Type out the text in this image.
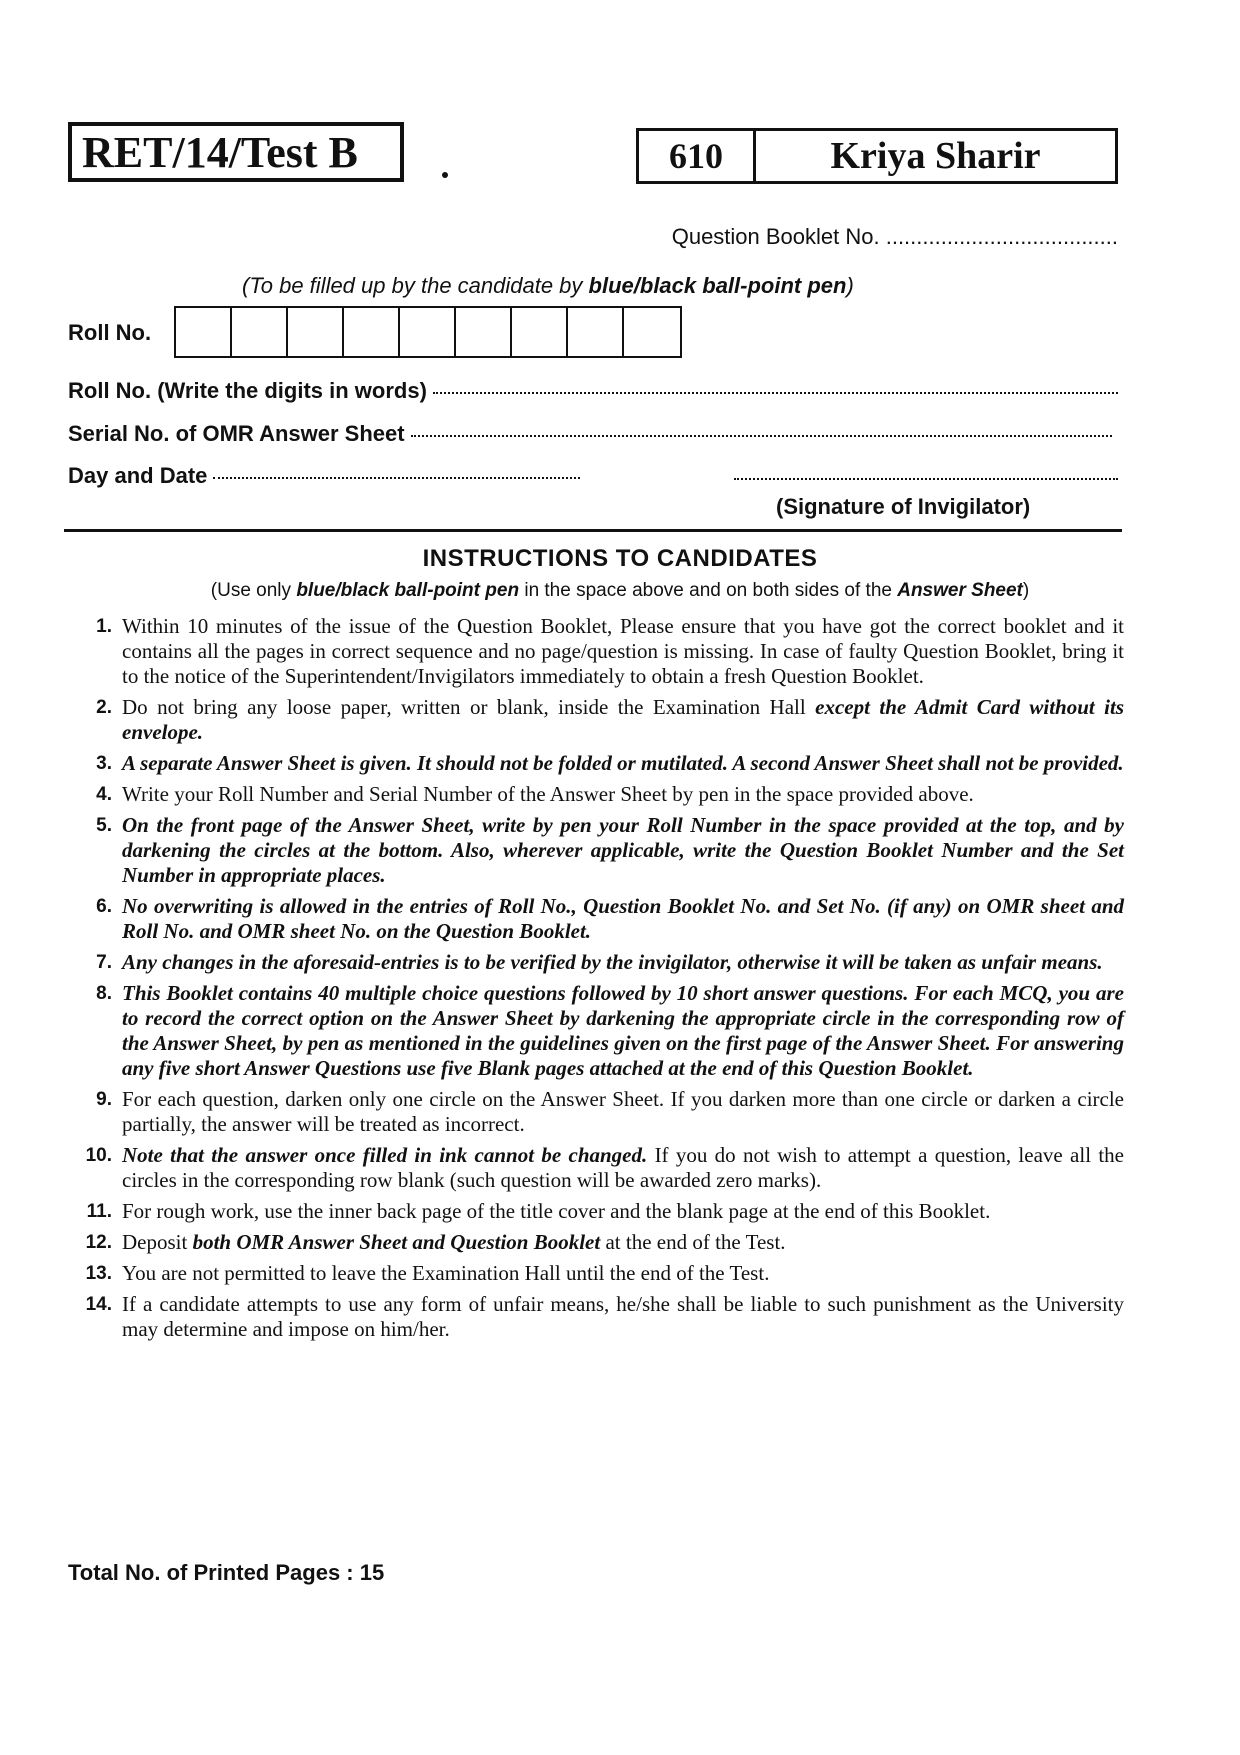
RET/14/Test B	610	Kriya Sharir
Question Booklet No. ......................................
(To be filled up by the candidate by blue/black ball-point pen)
Roll No.
Roll No. (Write the digits in words)
Serial No. of OMR Answer Sheet
Day and Date
(Signature of Invigilator)
INSTRUCTIONS TO CANDIDATES
(Use only blue/black ball-point pen in the space above and on both sides of the Answer Sheet)
1. Within 10 minutes of the issue of the Question Booklet, Please ensure that you have got the correct booklet and it contains all the pages in correct sequence and no page/question is missing. In case of faulty Question Booklet, bring it to the notice of the Superintendent/Invigilators immediately to obtain a fresh Question Booklet.
2. Do not bring any loose paper, written or blank, inside the Examination Hall except the Admit Card without its envelope.
3. A separate Answer Sheet is given. It should not be folded or mutilated. A second Answer Sheet shall not be provided.
4. Write your Roll Number and Serial Number of the Answer Sheet by pen in the space provided above.
5. On the front page of the Answer Sheet, write by pen your Roll Number in the space provided at the top, and by darkening the circles at the bottom. Also, wherever applicable, write the Question Booklet Number and the Set Number in appropriate places.
6. No overwriting is allowed in the entries of Roll No., Question Booklet No. and Set No. (if any) on OMR sheet and Roll No. and OMR sheet No. on the Question Booklet.
7. Any changes in the aforesaid-entries is to be verified by the invigilator, otherwise it will be taken as unfair means.
8. This Booklet contains 40 multiple choice questions followed by 10 short answer questions. For each MCQ, you are to record the correct option on the Answer Sheet by darkening the appropriate circle in the corresponding row of the Answer Sheet, by pen as mentioned in the guidelines given on the first page of the Answer Sheet. For answering any five short Answer Questions use five Blank pages attached at the end of this Question Booklet.
9. For each question, darken only one circle on the Answer Sheet. If you darken more than one circle or darken a circle partially, the answer will be treated as incorrect.
10. Note that the answer once filled in ink cannot be changed. If you do not wish to attempt a question, leave all the circles in the corresponding row blank (such question will be awarded zero marks).
11. For rough work, use the inner back page of the title cover and the blank page at the end of this Booklet.
12. Deposit both OMR Answer Sheet and Question Booklet at the end of the Test.
13. You are not permitted to leave the Examination Hall until the end of the Test.
14. If a candidate attempts to use any form of unfair means, he/she shall be liable to such punishment as the University may determine and impose on him/her.
Total No. of Printed Pages : 15
